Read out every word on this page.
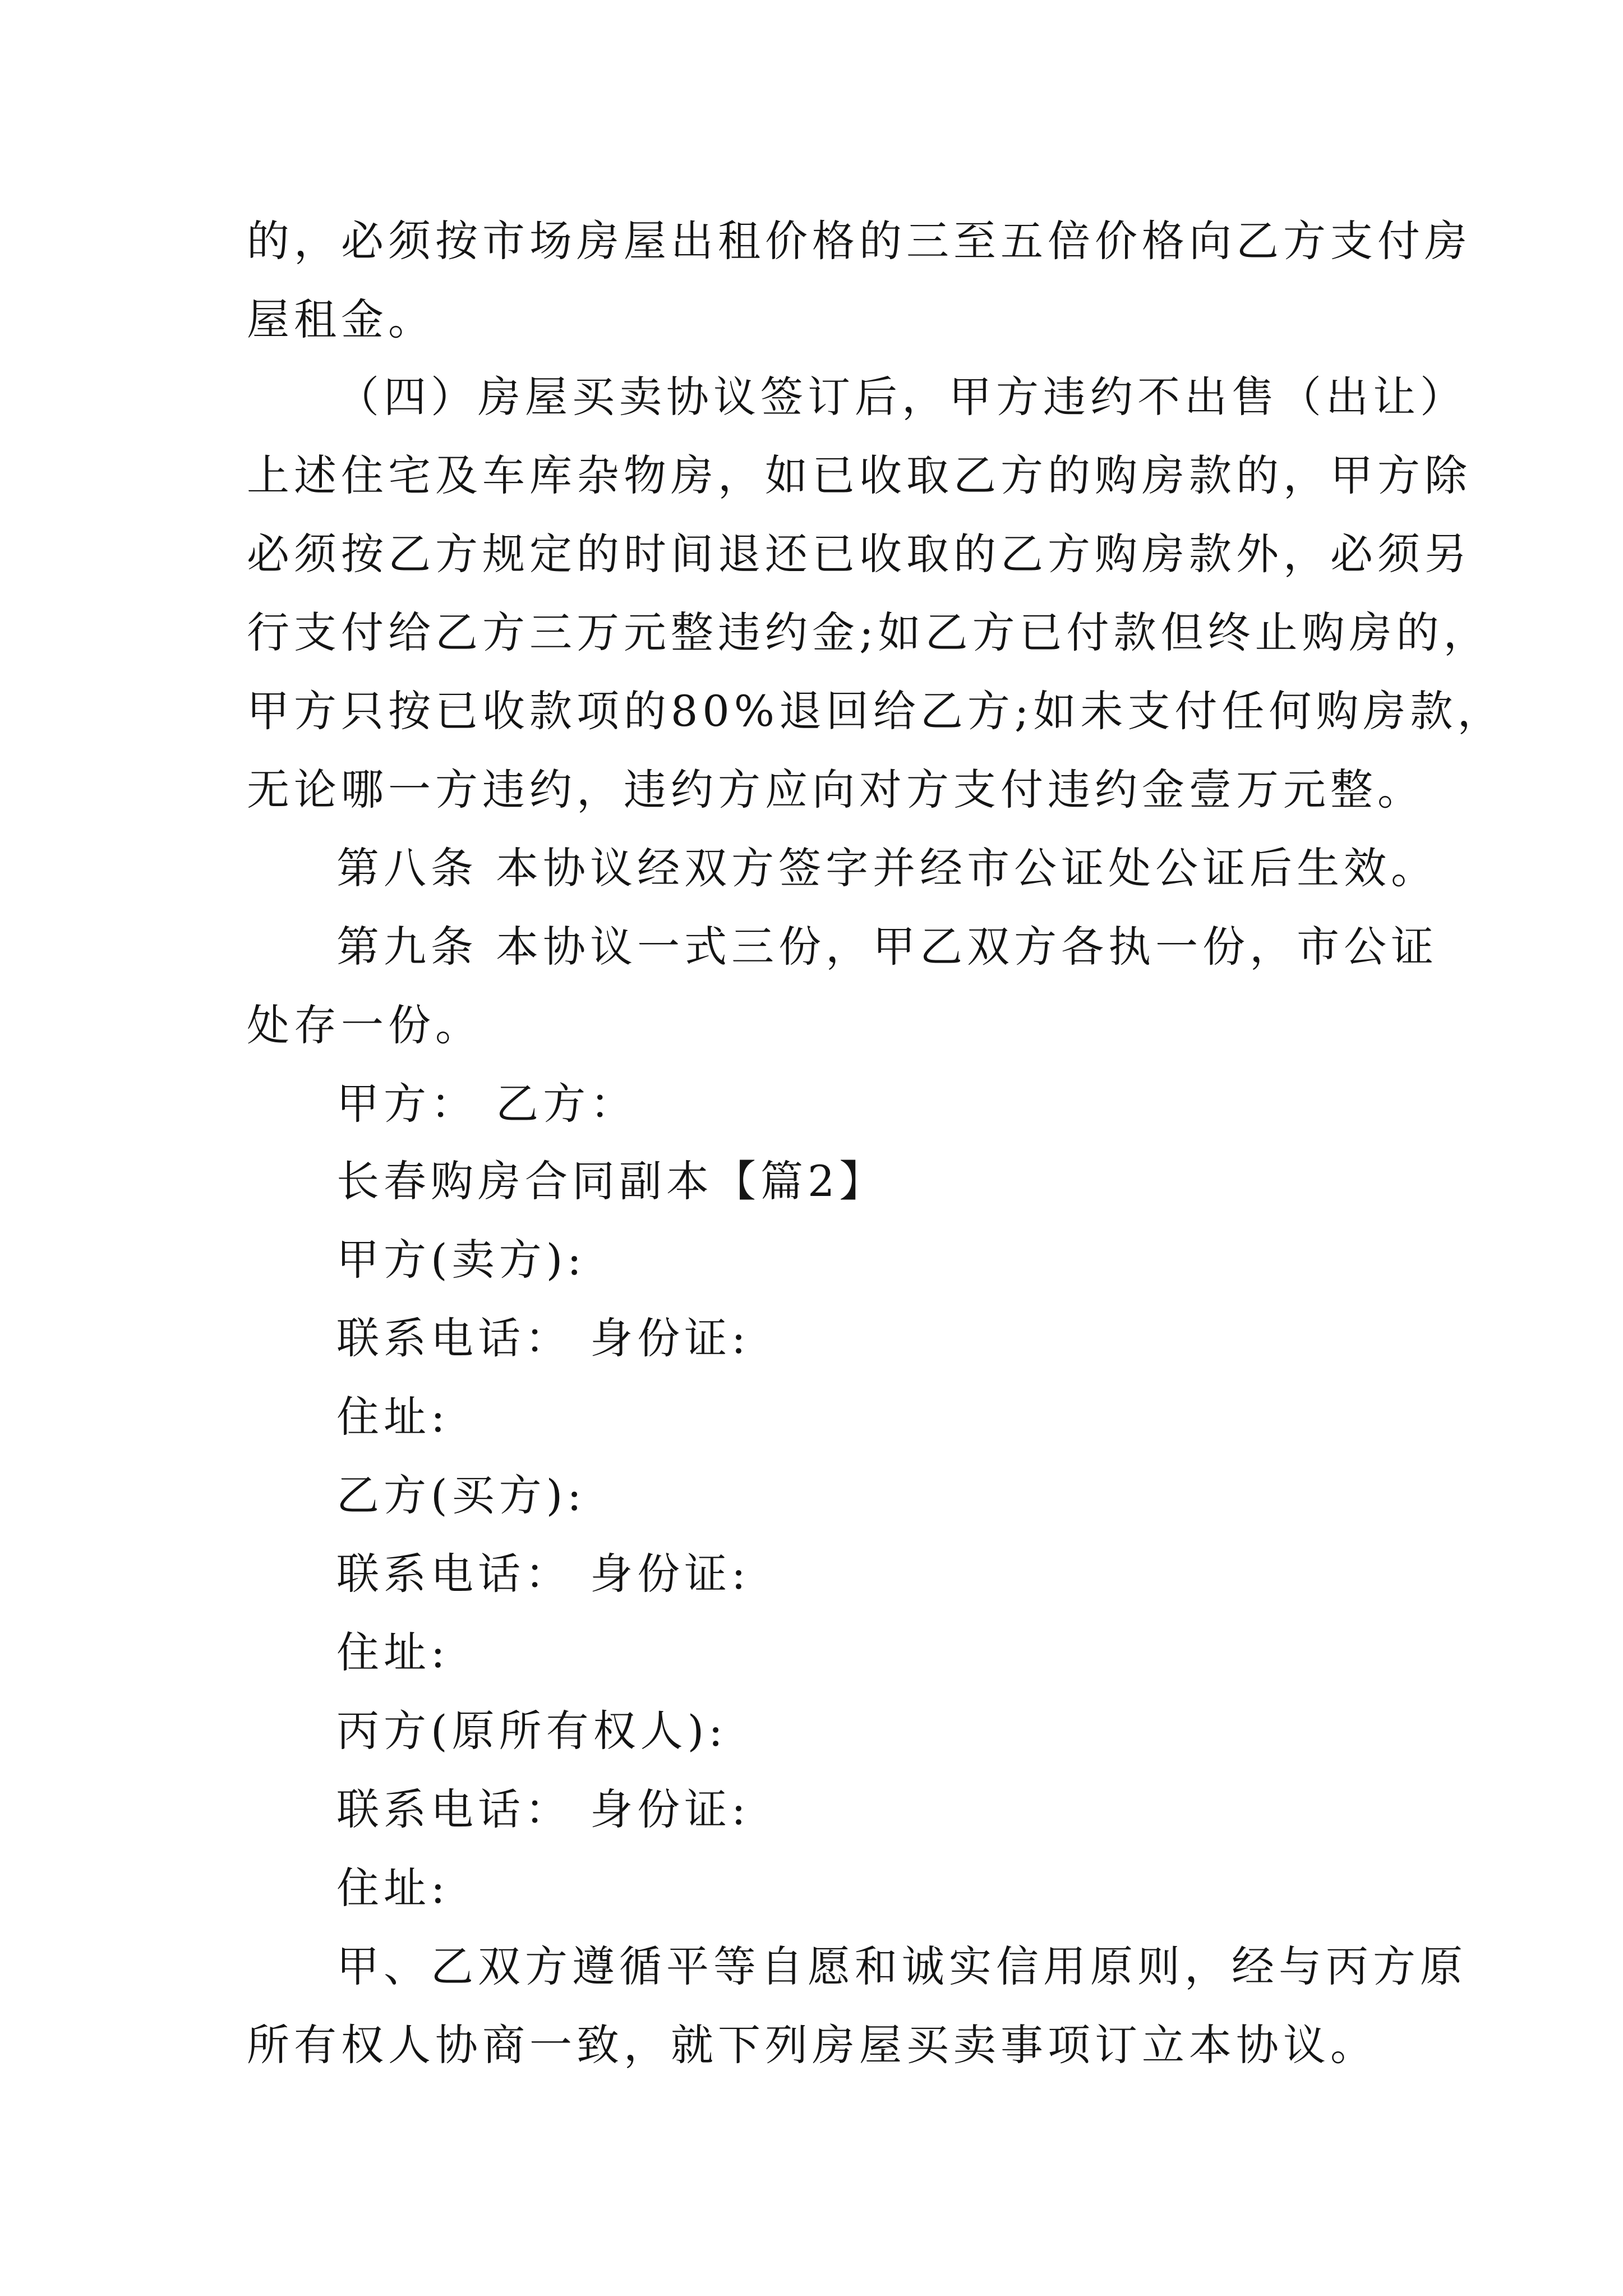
的，必须按市场房屋出租价格的三至五倍价格向乙方支付房
屋租金。
（四）房屋买卖协议签订后，甲方违约不出售（出让）
上述住宅及车库杂物房，如已收取乙方的购房款的，甲方除
必须按乙方规定的时间退还已收取的乙方购房款外，必须另
行支付给乙方三万元整违约金;如乙方已付款但终止购房的，
甲方只按已收款项的80%退回给乙方;如未支付任何购房款，
无论哪一方违约，违约方应向对方支付违约金壹万元整。
第八条 本协议经双方签字并经市公证处公证后生效。
第九条 本协议一式三份，甲乙双方各执一份，市公证
处存一份。
甲方： 乙方：
长春购房合同副本【篇2】
甲方(卖方):
联系电话： 身份证:
住址:
乙方(买方):
联系电话： 身份证:
住址:
丙方(原所有权人):
联系电话： 身份证:
住址:
甲、乙双方遵循平等自愿和诚实信用原则，经与丙方原
所有权人协商一致，就下列房屋买卖事项订立本协议。
